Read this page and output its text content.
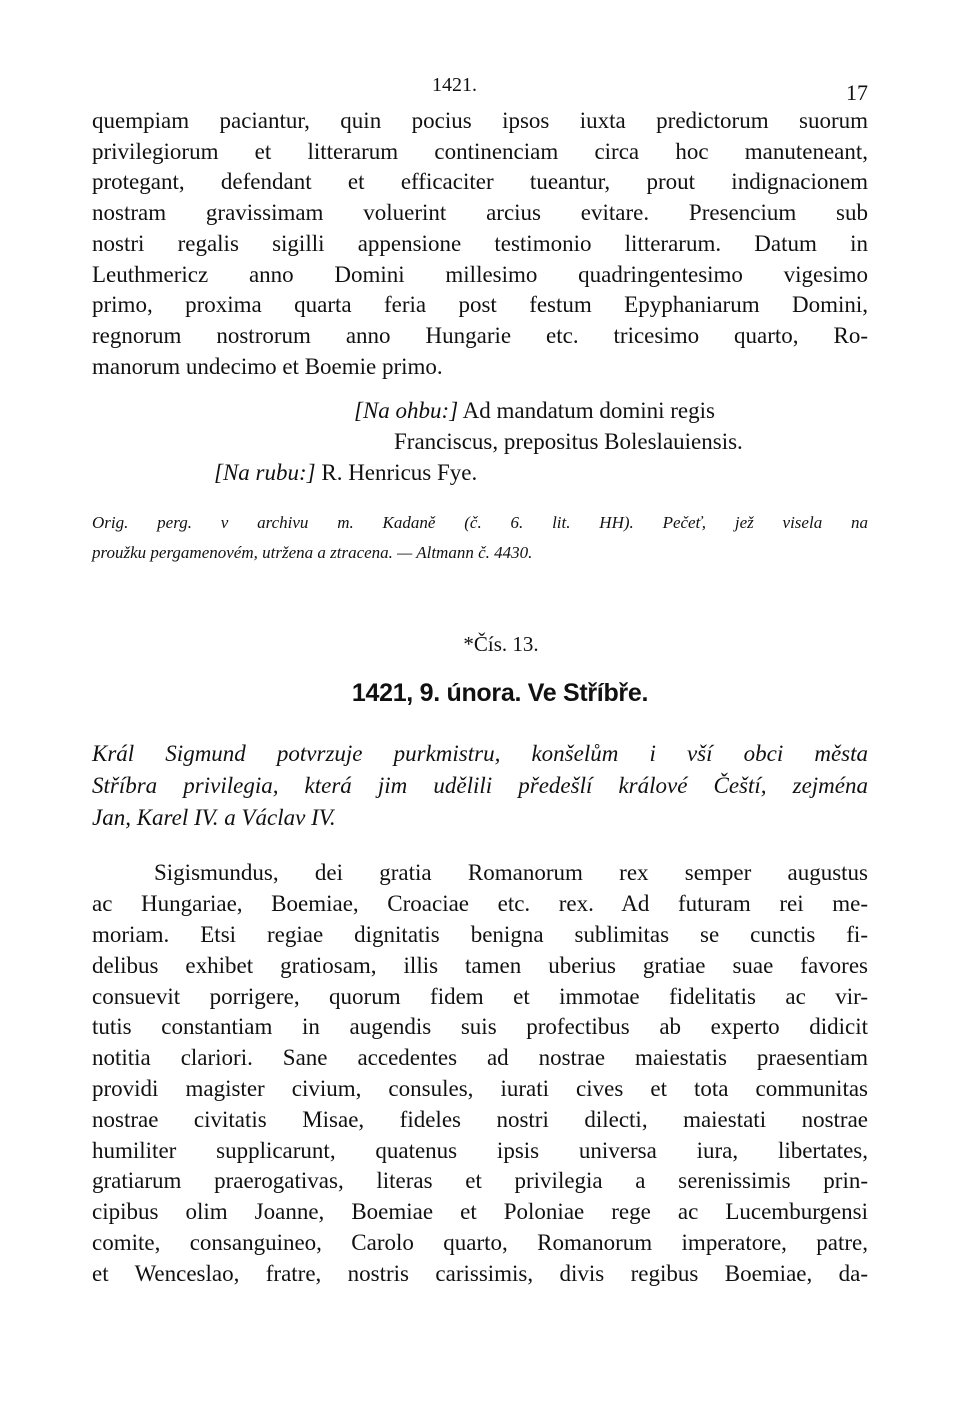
1421.	17

quempiam paciantur, quin pocius ipsos iuxta predictorum suorum
privilegiorum et litterarum continenciam circa hoc manuteneant,
protegant, defendant et efficaciter tueantur, prout indignacionem
nostram gravissimam voluerint arcius evitare. Presencium sub
nostri regalis sigilli appensione testimonio litterarum. Datum in
Leuthmericz anno Domini millesimo quadringentesimo vigesimo
primo, proxima quarta feria post festum Epyphaniarum Domini,
regnorum nostrorum anno Hungarie etc. tricesimo quarto, Ro-
manorum undecimo et Boemie primo.

[Na ohbu:] Ad mandatum domini regis
Franciscus, prepositus Boleslauiensis.
[Na rubu:] R. Henricus Fye.
Orig. perg. v archivu m. Kadaně (č. 6. lit. HH). Pečeť, jež visela na
proužku pergamenovém, utržena a ztracena. — Altmann č. 4430.
*Čís. 13.
1421, 9. února. Ve Stříbře.
Král Sigmund potvrzuje purkmistru, konšelům i vší obci města
Stříbra privilegia, která jim udělili předešlí králové Čeští, zejména
Jan, Karel IV. a Václav IV.
Sigismundus, dei gratia Romanorum rex semper augustus
ac Hungariae, Boemiae, Croaciae etc. rex. Ad futuram rei me-
moriam. Etsi regiae dignitatis benigna sublimitas se cunctis fi-
delibus exhibet gratiosam, illis tamen uberius gratiae suae favores
consuevit porrigere, quorum fidem et immotae fidelitatis ac vir-
tutis constantiam in augendis suis profectibus ab experto didicit
notitia clariori. Sane accedentes ad nostrae maiestatis praesentiam
providi magister civium, consules, iurati cives et tota communitas
nostrae civitatis Misae, fideles nostri dilecti, maiestati nostrae
humiliter supplicarunt, quatenus ipsis universa iura, libertates,
gratiarum praerogativas, literas et privilegia a serenissimis prin-
cipibus olim Joanne, Boemiae et Poloniae rege ac Lucemburgensi
comite, consanguineo, Carolo quarto, Romanorum imperatore, patre,
et Wenceslao, fratre, nostris carissimis, divis regibus Boemiae, da-
